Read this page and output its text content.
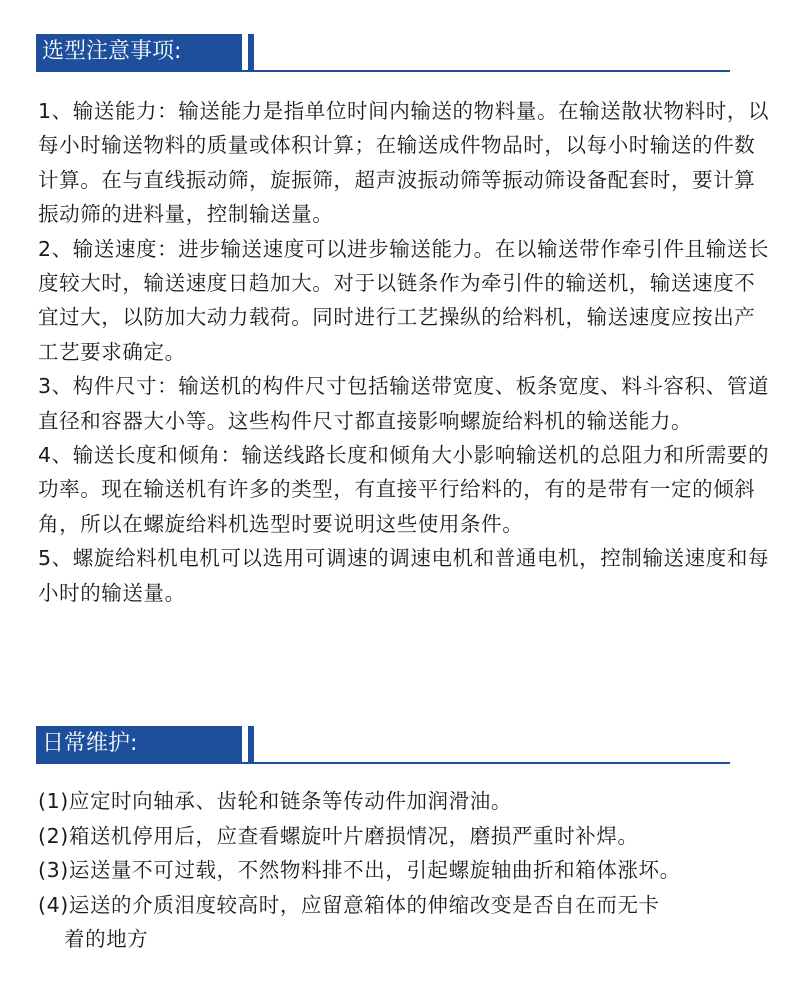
选型注意事项:

1、输送能力：输送能力是指单位时间内输送的物料量。在输送散状物料时，以每小时输送物料的质量或体积计算；在输送成件物品时，以每小时输送的件数计算。在与直线振动筛，旋振筛，超声波振动筛等振动筛设备配套时，要计算振动筛的进料量，控制输送量。

2、输送速度：进步输送速度可以进步输送能力。在以输送带作牵引件且输送长度较大时，输送速度日趋加大。对于以链条作为牵引件的输送机，输送速度不宜过大，以防加大动力载荷。同时进行工艺操纵的给料机，输送速度应按出产工艺要求确定。

3、构件尺寸：输送机的构件尺寸包括输送带宽度、板条宽度、料斗容积、管道直径和容器大小等。这些构件尺寸都直接影响螺旋给料机的输送能力。

4、输送长度和倾角：输送线路长度和倾角大小影响输送机的总阻力和所需要的功率。现在输送机有许多的类型，有直接平行给料的，有的是带有一定的倾斜角，所以在螺旋给料机选型时要说明这些使用条件。

5、螺旋给料机电机可以选用可调速的调速电机和普通电机，控制输送速度和每小时的输送量。

日常维护:
(1)应定时向轴承、齿轮和链条等传动件加润滑油。
(2)箱送机停用后，应查看螺旋叶片磨损情况，磨损严重时补焊。
(3)运送量不可过载，不然物料排不出，引起螺旋轴曲折和箱体涨坏。
(4)运送的介质泪度较高时，应留意箱体的伸缩改变是否自在而无卡
着的地方
